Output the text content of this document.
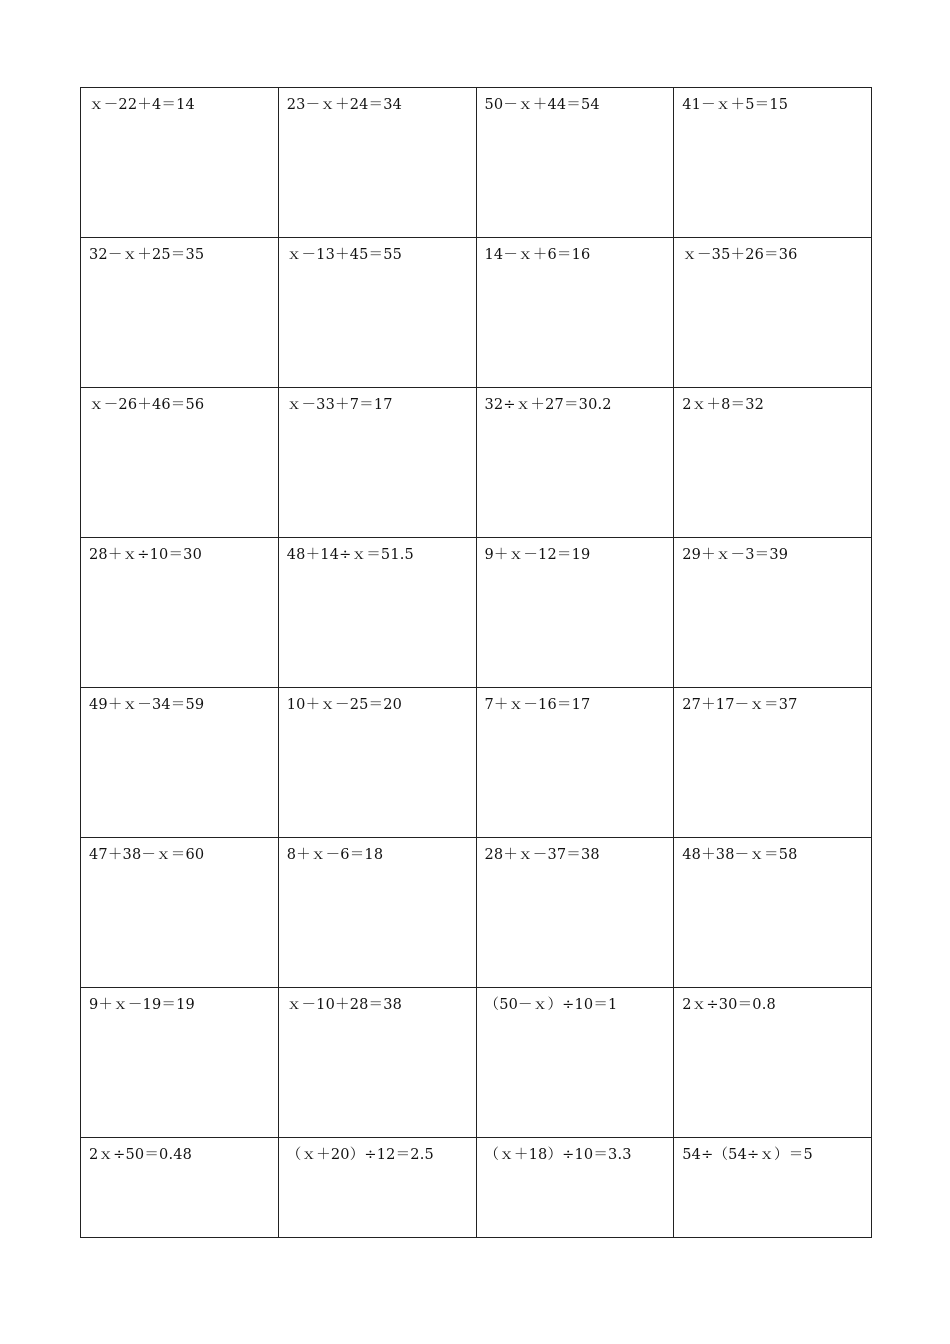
ｘ－22＋4＝14	23－ｘ＋24＝34	50－ｘ＋44＝54	41－ｘ＋5＝15
32－ｘ＋25＝35	ｘ－13＋45＝55	14－ｘ＋6＝16	ｘ－35＋26＝36
ｘ－26＋46＝56	ｘ－33＋7＝17	32÷ｘ＋27＝30.2	2ｘ＋8＝32
28＋ｘ÷10＝30	48＋14÷ｘ＝51.5	9＋ｘ－12＝19	29＋ｘ－3＝39
49＋ｘ－34＝59	10＋ｘ－25＝20	7＋ｘ－16＝17	27＋17－ｘ＝37
47＋38－ｘ＝60	8＋ｘ－6＝18	28＋ｘ－37＝38	48＋38－ｘ＝58
9＋ｘ－19＝19	ｘ－10＋28＝38	（50－ｘ）÷10＝1	2ｘ÷30＝0.8
2ｘ÷50＝0.48	（ｘ＋20）÷12＝2.5	（ｘ＋18）÷10＝3.3	54÷（54÷ｘ）＝5
